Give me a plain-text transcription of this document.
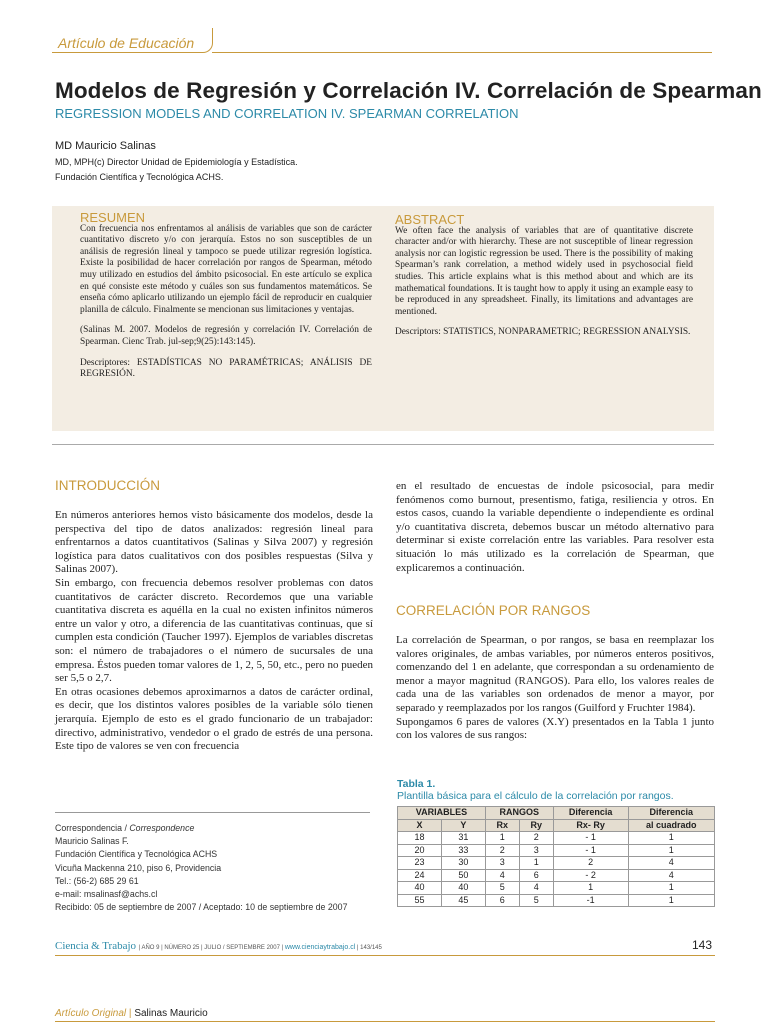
Artículo de Educación
Modelos de Regresión y Correlación IV. Correlación de Spearman
REGRESSION MODELS AND CORRELATION IV. SPEARMAN CORRELATION
MD Mauricio Salinas
MD, MPH(c) Director Unidad de Epidemiología y Estadística.
Fundación Científica y Tecnológica ACHS.
RESUMEN

Con frecuencia nos enfrentamos al análisis de variables que son de carácter cuantitativo discreto y/o con jerarquía. Estos no son susceptibles de un análisis de regresión lineal y tampoco se puede utilizar regresión logística. Existe la posibilidad de hacer correlación por rangos de Spearman, método muy utilizado en estudios del ámbito psicosocial. En este artículo se explica en qué consiste este método y cuáles son sus fundamentos matemáticos. Se enseña cómo aplicarlo utilizando un ejemplo fácil de reproducir en cualquier planilla de cálculo. Finalmente se mencionan sus limitaciones y ventajas.

(Salinas M. 2007. Modelos de regresión y correlación IV. Correlación de Spearman. Cienc Trab. jul-sep;9(25):143:145).

Descriptores: ESTADÍSTICAS NO PARAMÉTRICAS; ANÁLISIS DE REGRESIÓN.

ABSTRACT

We often face the analysis of variables that are of quantitative discrete character and/or with hierarchy. These are not susceptible of linear regression analysis nor can logistic regression be used. There is the possibility of making Spearman’s rank correlation, a method widely used in psychosocial field studies. This article explains what is this method about and which are its mathematical foundations. It is taught how to apply it using an example easy to be reproduced in any spreadsheet. Finally, its limitations and advantages are mentioned.

Descriptors: STATISTICS, NONPARAMETRIC; REGRESSION ANALYSIS.

INTRODUCCIÓN

En números anteriores hemos visto básicamente dos modelos, desde la perspectiva del tipo de datos analizados: regresión lineal para enfrentarnos a datos cuantitativos (Salinas y Silva 2007) y regresión logística para datos cualitativos con dos posibles respuestas (Silva y Salinas 2007).

Sin embargo, con frecuencia debemos resolver problemas con datos cuantitativos de carácter discreto. Recordemos que una variable cuantitativa discreta es aquélla en la cual no existen infinitos números entre un valor y otro, a diferencia de las cuantitativas continuas, que sí cumplen esta condición (Taucher 1997). Ejemplos de variables discretas son: el número de trabajadores o el número de sucursales de una empresa. Éstos pueden tomar valores de 1, 2, 5, 50, etc., pero no pueden ser 5,5 o 2,7.

En otras ocasiones debemos aproximarnos a datos de carácter ordinal, es decir, que los distintos valores posibles de la variable sólo tienen jerarquía. Ejemplo de esto es el grado funcionario de un trabajador: directivo, administrativo, vendedor o el grado de estrés de una persona. Este tipo de valores se ven con frecuencia

en el resultado de encuestas de índole psicosocial, para medir fenómenos como burnout, presentismo, fatiga, resiliencia y otros. En estos casos, cuando la variable dependiente o independiente es ordinal y/o cuantitativa discreta, debemos buscar un método alternativo para determinar si existe correlación entre las variables. Para resolver esta situación lo más utilizado es la correlación de Spearman, que explicaremos a continuación.

CORRELACIÓN POR RANGOS

La correlación de Spearman, o por rangos, se basa en reemplazar los valores originales, de ambas variables, por números enteros positivos, comenzando del 1 en adelante, que correspondan a su ordenamiento de menor a mayor magnitud (RANGOS). Para ello, los valores reales de cada una de las variables son ordenados de menor a mayor, por separado y reemplazados por los rangos (Guilford y Fruchter 1984).

Supongamos 6 pares de valores (X.Y) presentados en la Tabla 1 junto con los valores de sus rangos:

Tabla 1.
Plantilla básica para el cálculo de la correlación por rangos.
VARIABLES		RANGOS		Diferencia	Diferencia
X	Y	Rx	Ry	Rx- Ry	al cuadrado
18	31	1	2	- 1	1
20	33	2	3	- 1	1
23	30	3	1	2	4
24	50	4	6	- 2	4
40	40	5	4	1	1
55	45	6	5	-1	1
Correspondencia / Correspondence
Mauricio Salinas F.
Fundación Científica y Tecnológica ACHS
Vicuña Mackenna 210, piso 6, Providencia
Tel.: (56-2) 685 29 61
e-mail: msalinasf@achs.cl
Recibido: 05 de septiembre de 2007 / Aceptado: 10 de septiembre de 2007
Ciencia & Trabajo | AÑO 9 | NÚMERO 25 | JULIO / SEPTIEMBRE 2007 | www.cienciaytrabajo.cl | 143/145	143
Artículo Original | Salinas Mauricio
